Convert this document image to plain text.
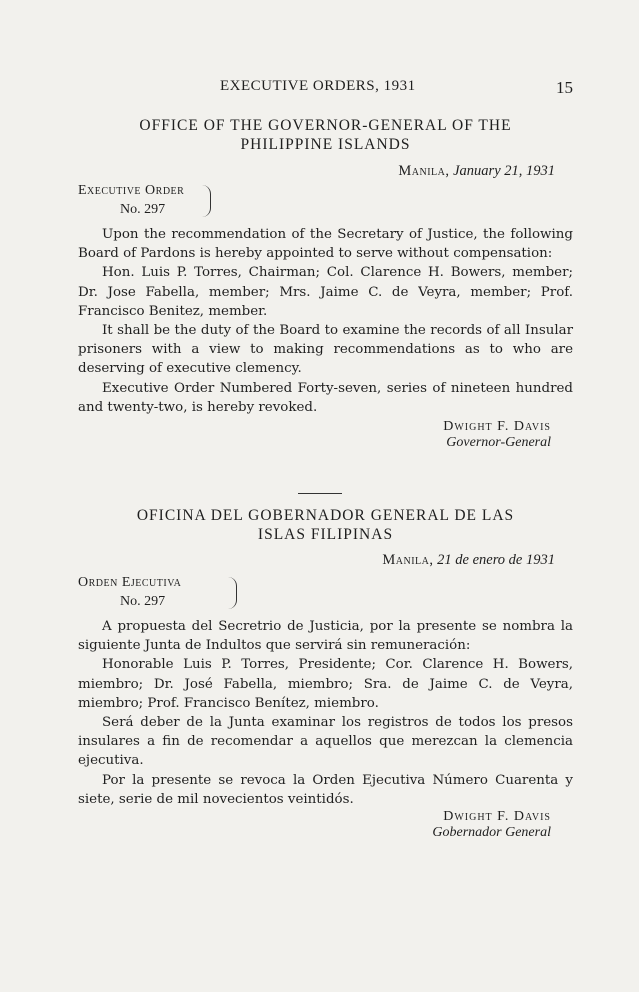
EXECUTIVE ORDERS, 1931	15
OFFICE OF THE GOVERNOR-GENERAL OF THE
PHILIPPINE ISLANDS
Manila, January 21, 1931
Executive Order
No. 297

Upon the recommendation of the Secretary of Justice, the following Board of Pardons is hereby appointed to serve without compensation:

Hon. Luis P. Torres, Chairman; Col. Clarence H. Bowers, member; Dr. Jose Fabella, member; Mrs. Jaime C. de Veyra, member; Prof. Francisco Benitez, member.

It shall be the duty of the Board to examine the records of all Insular prisoners with a view to making recommendations as to who are deserving of executive clemency.

Executive Order Numbered Forty-seven, series of nineteen hundred and twenty-two, is hereby revoked.

Dwight F. Davis
Governor-General
OFICINA DEL GOBERNADOR GENERAL DE LAS
ISLAS FILIPINAS
Manila, 21 de enero de 1931
Orden Ejecutiva
No. 297

A propuesta del Secretrio de Justicia, por la presente se nombra la siguiente Junta de Indultos que servirá sin remuneración:

Honorable Luis P. Torres, Presidente; Cor. Clarence H. Bowers, miembro; Dr. José Fabella, miembro; Sra. de Jaime C. de Veyra, miembro; Prof. Francisco Benítez, miembro.

Será deber de la Junta examinar los registros de todos los presos insulares a fin de recomendar a aquellos que merezcan la clemencia ejecutiva.

Por la presente se revoca la Orden Ejecutiva Número Cuarenta y siete, serie de mil novecientos veintidós.

Dwight F. Davis
Gobernador General
